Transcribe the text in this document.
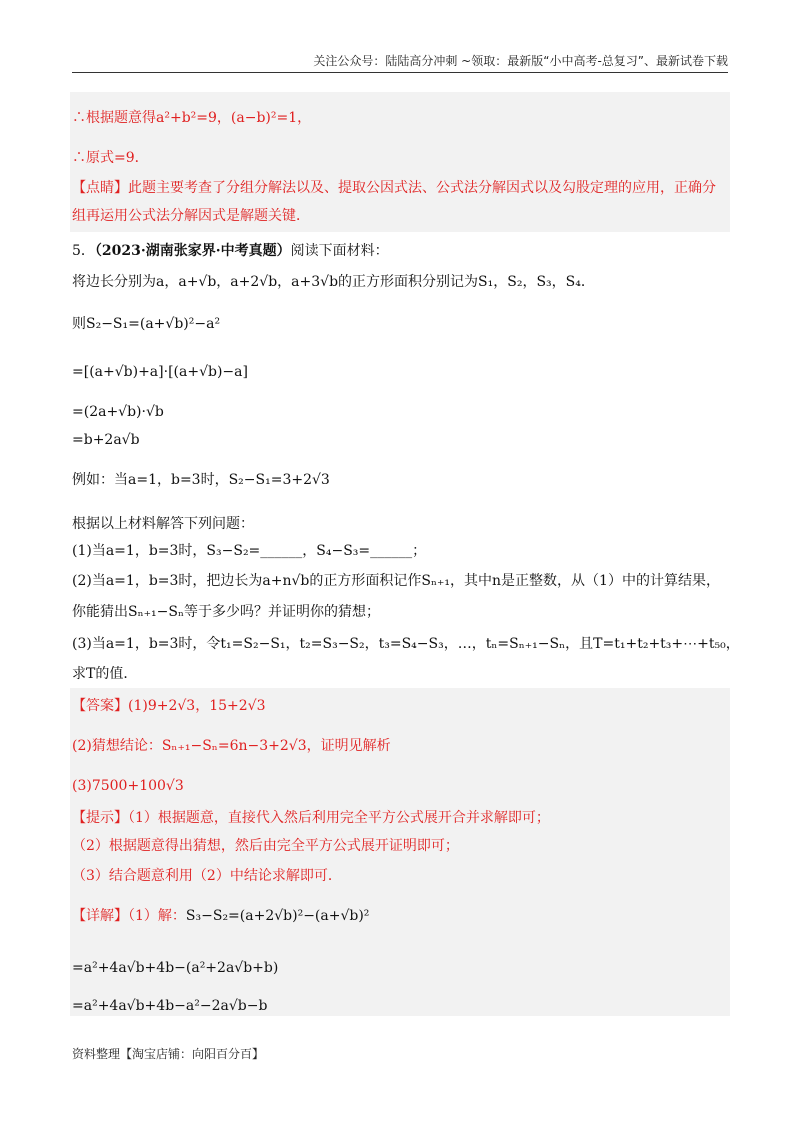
关注公众号：陆陆高分冲刺 ~领取：最新版“小中高考-总复习”、最新试卷下载
∴根据题意得a²+b²=9，(a−b)²=1，
∴原式=9．
【点睛】此题主要考查了分组分解法以及、提取公因式法、公式法分解因式以及勾股定理的应用，正确分
组再运用公式法分解因式是解题关键．
5．（2023·湖南张家界·中考真题）阅读下面材料：
将边长分别为a，a+√b，a+2√b，a+3√b的正方形面积分别记为S₁，S₂，S₃，S₄．
则S₂−S₁=(a+√b)²−a²
=[(a+√b)+a]·[(a+√b)−a]
=(2a+√b)·√b
=b+2a√b
例如：当a=1，b=3时，S₂−S₁=3+2√3
根据以上材料解答下列问题：
(1)当a=1，b=3时，S₃−S₂=______，S₄−S₃=______；
(2)当a=1，b=3时，把边长为a+n√b的正方形面积记作Sₙ₊₁，其中n是正整数，从（1）中的计算结果，
你能猜出Sₙ₊₁−Sₙ等于多少吗？并证明你的猜想；
(3)当a=1，b=3时，令t₁=S₂−S₁，t₂=S₃−S₂，t₃=S₄−S₃，…，tₙ=Sₙ₊₁−Sₙ，且T=t₁+t₂+t₃+⋯+t₅₀，
求T的值．
【答案】(1)9+2√3，15+2√3
(2)猜想结论：Sₙ₊₁−Sₙ=6n−3+2√3，证明见解析
(3)7500+100√3
【提示】（1）根据题意，直接代入然后利用完全平方公式展开合并求解即可；
（2）根据题意得出猜想，然后由完全平方公式展开证明即可；
（3）结合题意利用（2）中结论求解即可．
【详解】（1）解：S₃−S₂=(a+2√b)²−(a+√b)²
=a²+4a√b+4b−(a²+2a√b+b)
=a²+4a√b+4b−a²−2a√b−b
资料整理【淘宝店铺：向阳百分百】
